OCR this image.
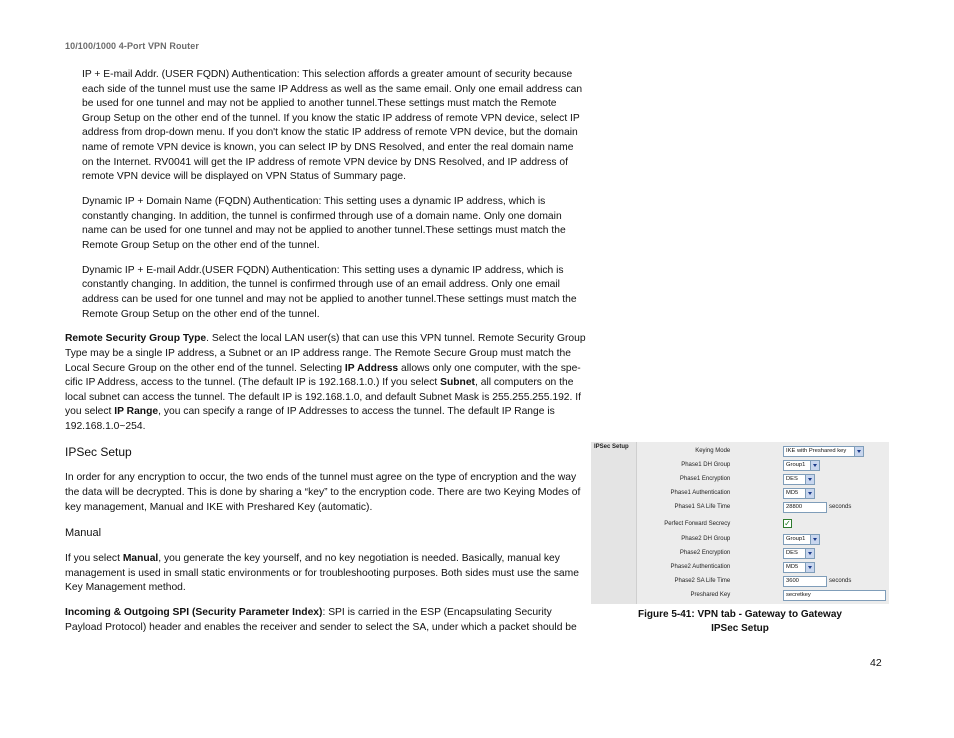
10/100/1000 4-Port VPN Router

IP + E-mail Addr. (USER FQDN) Authentication: This selection affords a greater amount of security because each side of the tunnel must use the same IP Address as well as the same email. Only one email address can be used for one tunnel and may not be applied to another tunnel.These settings must match the Remote Group Setup on the other end of the tunnel. If you know the static IP address of remote VPN device, select IP address from drop-down menu. If you don't know the static IP address of remote VPN device, but the domain name of remote VPN device is known, you can select IP by DNS Resolved, and enter the real domain name on the Internet. RV0041 will get the IP address of remote VPN device by DNS Resolved, and IP address of remote VPN device will be displayed on VPN Status of Summary page.

Dynamic IP + Domain Name (FQDN) Authentication: This setting uses a dynamic IP address, which is constantly changing. In addition, the tunnel is confirmed through use of a domain name. Only one domain name can be used for one tunnel and may not be applied to another tunnel.These settings must match the Remote Group Setup on the other end of the tunnel.

Dynamic IP + E-mail Addr.(USER FQDN) Authentication: This setting uses a dynamic IP address, which is constantly changing. In addition, the tunnel is confirmed through use of an email address. Only one email address can be used for one tunnel and may not be applied to another tunnel.These settings must match the Remote Group Setup on the other end of the tunnel.

Remote Security Group Type. Select the local LAN user(s) that can use this VPN tunnel. Remote Security Group Type may be a single IP address, a Subnet or an IP address range. The Remote Secure Group must match the Local Secure Group on the other end of the tunnel. Selecting IP Address allows only one computer, with the spe-cific IP Address, access to the tunnel. (The default IP is 192.168.1.0.) If you select Subnet, all computers on the local subnet can access the tunnel. The default IP is 192.168.1.0, and default Subnet Mask is 255.255.255.192. If you select IP Range, you can specify a range of IP Addresses to access the tunnel. The default IP Range is 192.168.1.0~254.

IPSec Setup

In order for any encryption to occur, the two ends of the tunnel must agree on the type of encryption and the way the data will be decrypted. This is done by sharing a “key” to the encryption code. There are two Keying Modes of key management, Manual and IKE with Preshared Key (automatic).

Manual

If you select Manual, you generate the key yourself, and no key negotiation is needed. Basically, manual key management is used in small static environments or for troubleshooting purposes. Both sides must use the same Key Management method.

Incoming & Outgoing SPI (Security Parameter Index): SPI is carried in the ESP (Encapsulating Security Payload Protocol) header and enables the receiver and sender to select the SA, under which a packet should be

IPSec Setup
Keying Mode	IKE with Preshared key
Phase1 DH Group	Group1
Phase1 Encryption	DES
Phase1 Authentication	MD5
Phase1 SA Life Time	28800	seconds
Perfect Forward Secrecy	✓
Phase2 DH Group	Group1
Phase2 Encryption	DES
Phase2 Authentication	MD5
Phase2 SA Life Time	3600	seconds
Preshared Key	secretkey
Figure 5-41: VPN tab - Gateway to Gateway
IPSec Setup
42
